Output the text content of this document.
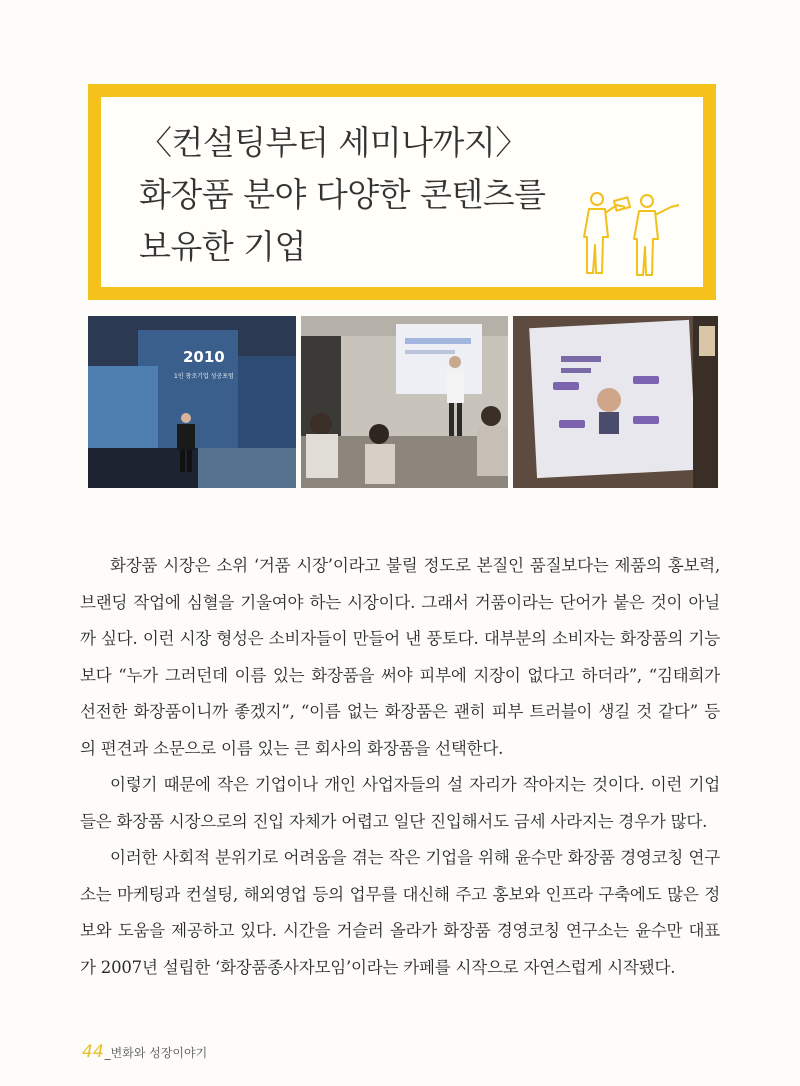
〈컨설팅부터 세미나까지〉
화장품 분야 다양한 콘텐츠를
보유한 기업
2010
1인 창조기업 성공포럼

화장품 시장은 소위 ‘거품 시장’이라고 불릴 정도로 본질인 품질보다는 제품의 홍보력, 브랜딩 작업에 심혈을 기울여야 하는 시장이다. 그래서 거품이라는 단어가 붙은 것이 아닐까 싶다. 이런 시장 형성은 소비자들이 만들어 낸 풍토다. 대부분의 소비자는 화장품의 기능보다 “누가 그러던데 이름 있는 화장품을 써야 피부에 지장이 없다고 하더라”, “김태희가 선전한 화장품이니까 좋겠지”, “이름 없는 화장품은 괜히 피부 트러블이 생길 것 같다” 등의 편견과 소문으로 이름 있는 큰 회사의 화장품을 선택한다.

이렇기 때문에 작은 기업이나 개인 사업자들의 설 자리가 작아지는 것이다. 이런 기업들은 화장품 시장으로의 진입 자체가 어렵고 일단 진입해서도 금세 사라지는 경우가 많다.

이러한 사회적 분위기로 어려움을 겪는 작은 기업을 위해 윤수만 화장품 경영코칭 연구소는 마케팅과 컨설팅, 해외영업 등의 업무를 대신해 주고 홍보와 인프라 구축에도 많은 정보와 도움을 제공하고 있다. 시간을 거슬러 올라가 화장품 경영코칭 연구소는 윤수만 대표가 2007년 설립한 ‘화장품종사자모임’이라는 카페를 시작으로 자연스럽게 시작됐다.

44 _변화와 성장이야기
